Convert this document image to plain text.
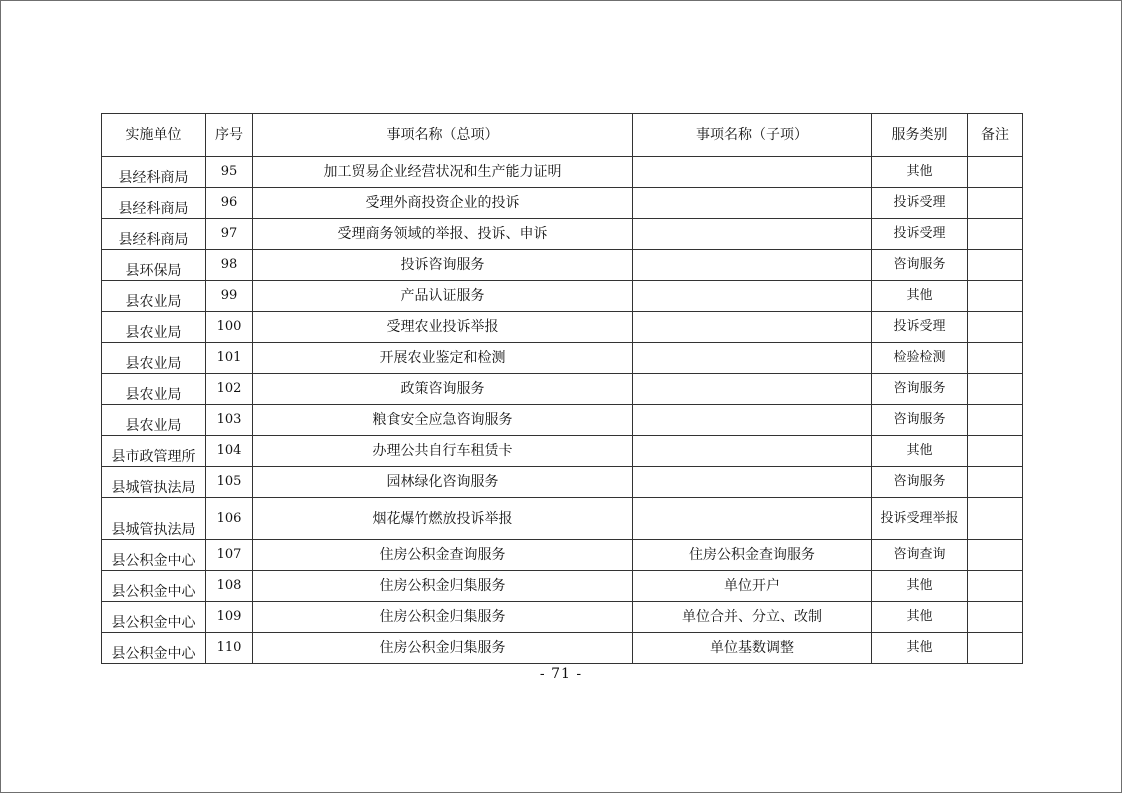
实施单位	序号	事项名称（总项）	事项名称（子项）	服务类别	备注
县经科商局	95	加工贸易企业经营状况和生产能力证明		其他	
县经科商局	96	受理外商投资企业的投诉		投诉受理	
县经科商局	97	受理商务领域的举报、投诉、申诉		投诉受理	
县环保局	98	投诉咨询服务		咨询服务	
县农业局	99	产品认证服务		其他	
县农业局	100	受理农业投诉举报		投诉受理	
县农业局	101	开展农业鉴定和检测		检验检测	
县农业局	102	政策咨询服务		咨询服务	
县农业局	103	粮食安全应急咨询服务		咨询服务	
县市政管理所	104	办理公共自行车租赁卡		其他	
县城管执法局	105	园林绿化咨询服务		咨询服务	
县城管执法局	106	烟花爆竹燃放投诉举报		投诉受理举报	
县公积金中心	107	住房公积金查询服务	住房公积金查询服务	咨询查询	
县公积金中心	108	住房公积金归集服务	单位开户	其他	
县公积金中心	109	住房公积金归集服务	单位合并、分立、改制	其他	
县公积金中心	110	住房公积金归集服务	单位基数调整	其他	
- 71 -
